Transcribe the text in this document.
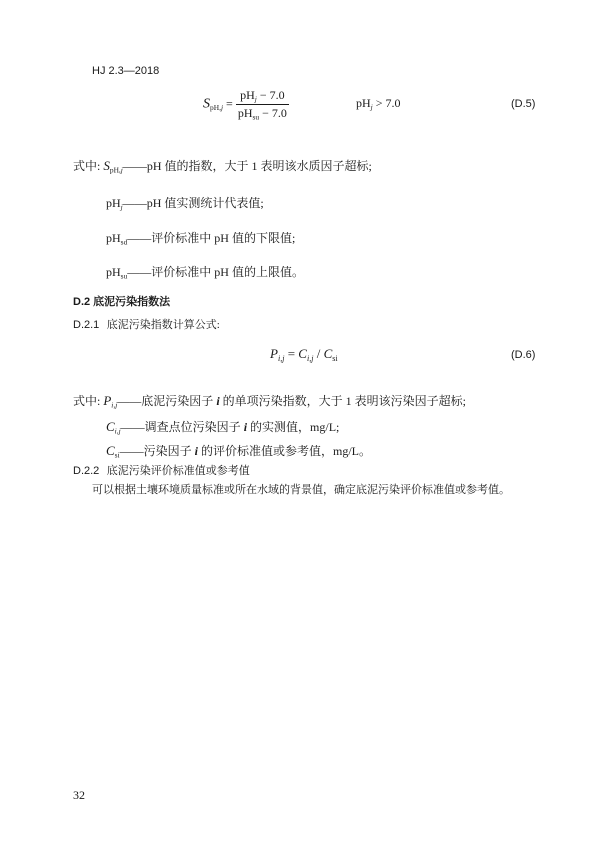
HJ 2.3—2018
$S_{pH,j} = \frac{pH_j - 7.0}{pH_{su} - 7.0}$	$pH_j > 7.0$	(D.5)
式中: $S_{pH,j}——pH$ 值的指数，大于 1 表明该水质因子超标;
$pH_j——pH$ 值实测统计代表值;
$pH_{sd}——$评价标准中 pH 值的下限值;
$pH_{su}——$评价标准中 pH 值的上限值。
D.2 底泥污染指数法
D.2.1 底泥污染指数计算公式:
$P_{i,j} = C_{i,j} / C_{si}$	(D.6)
式中: $P_{i,j}——$底泥污染因子 i 的单项污染指数，大于 1 表明该污染因子超标;
$C_{i,j}——$调查点位污染因子 i 的实测值，mg/L;
$C_{si}——$污染因子 i 的评价标准值或参考值，mg/L。
D.2.2 底泥污染评价标准值或参考值
可以根据土壤环境质量标准或所在水域的背景值，确定底泥污染评价标准值或参考值。
32
